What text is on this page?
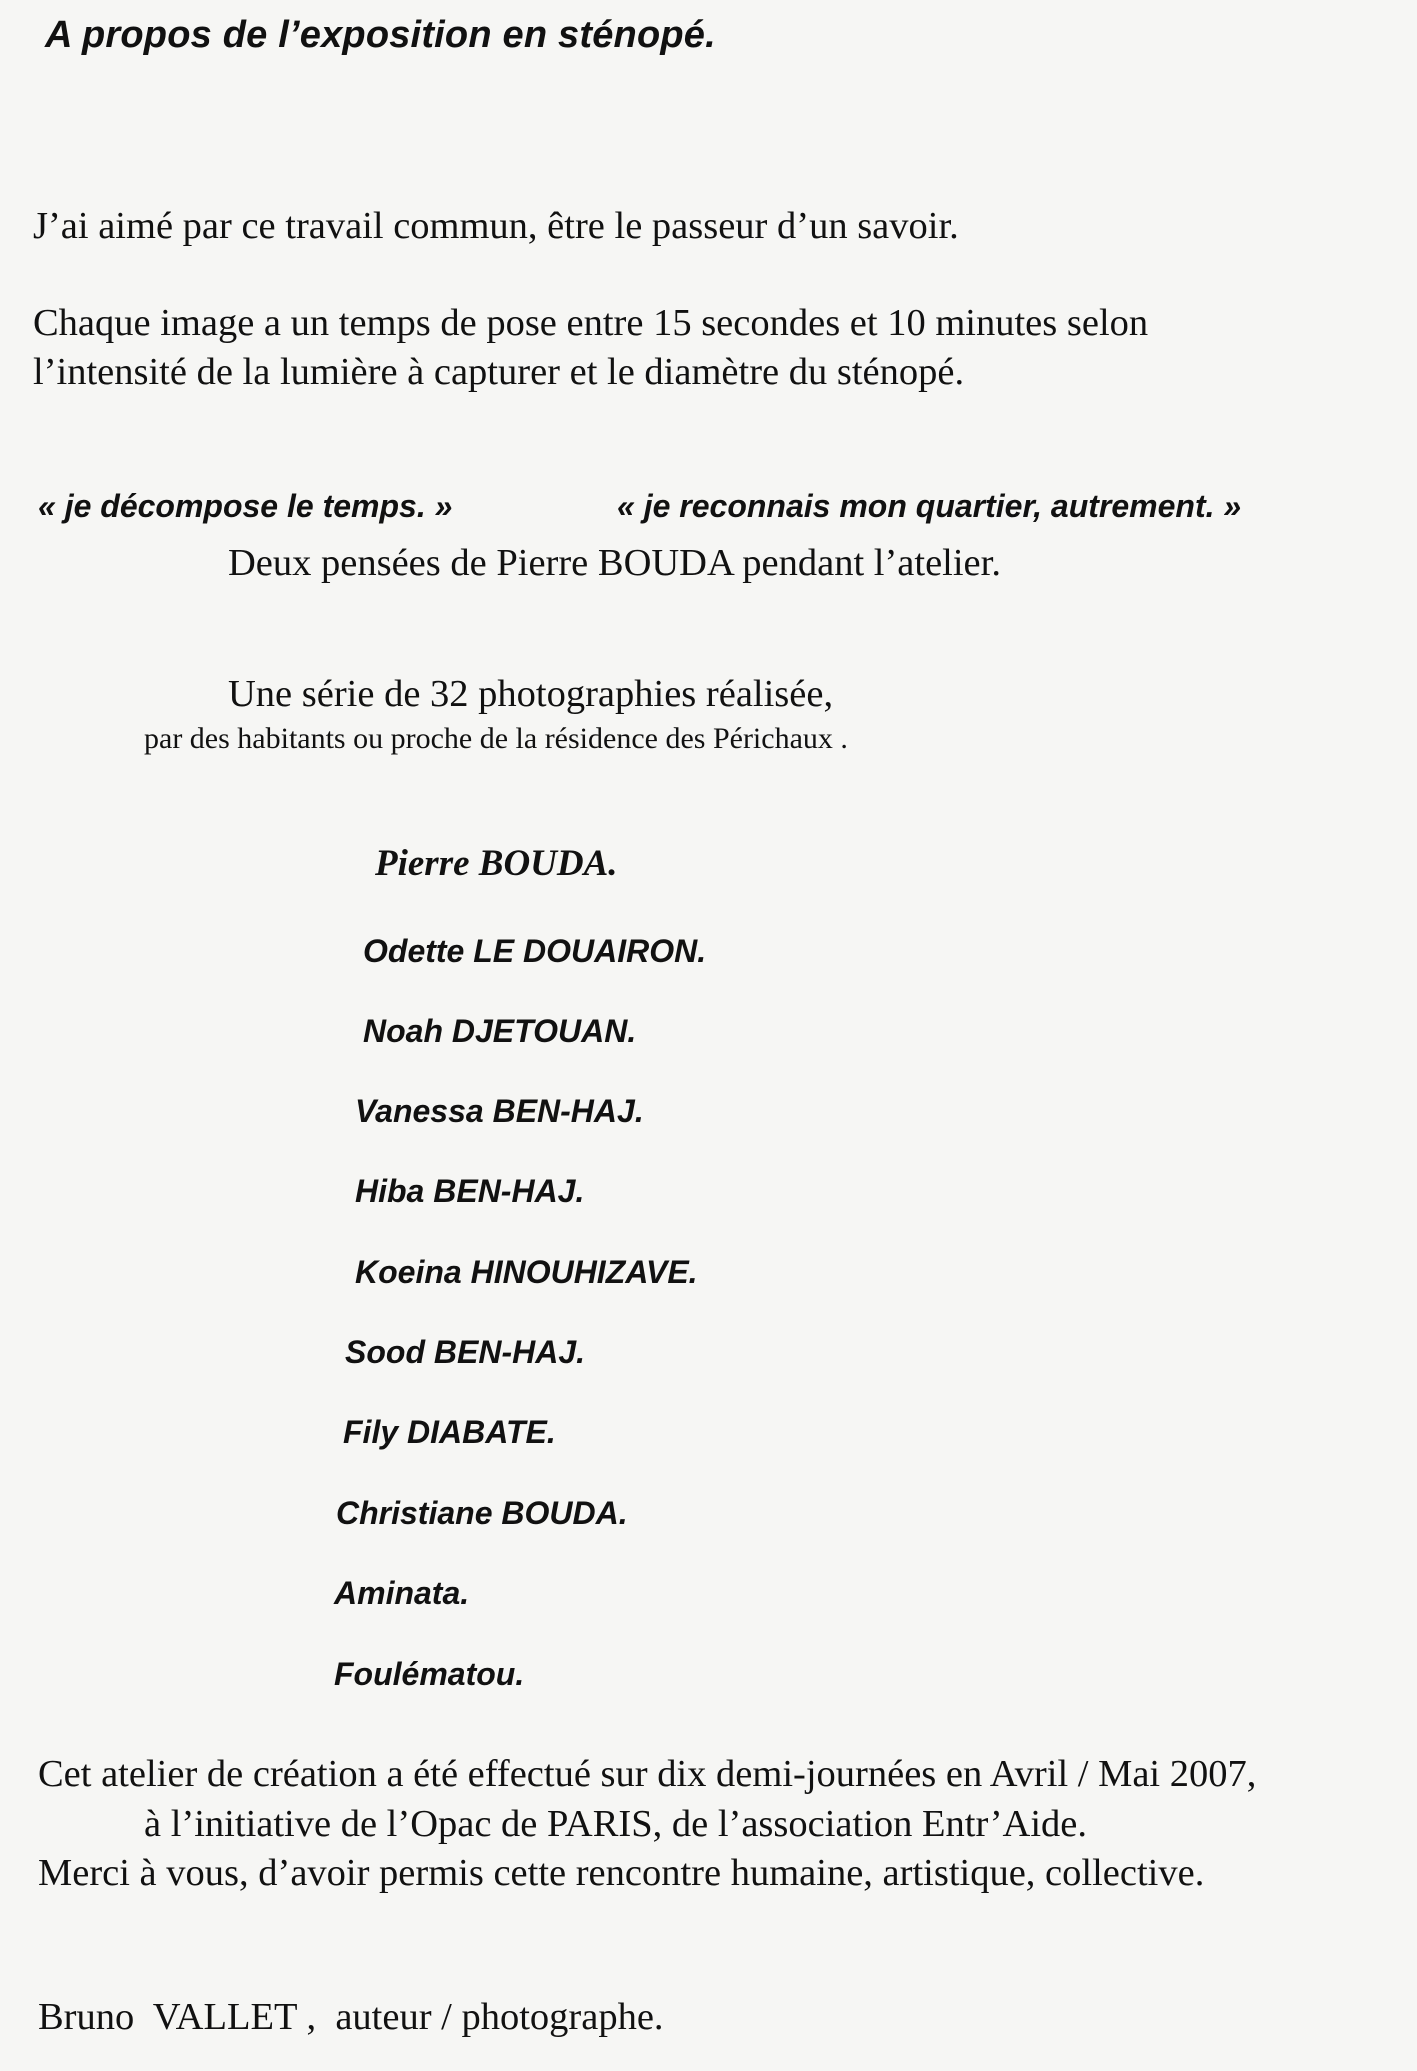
A propos de l’exposition en sténopé.

J’ai aimé par ce travail commun, être le passeur d’un savoir.

Chaque image a un temps de pose entre 15 secondes et 10 minutes selon

l’intensité de la lumière à capturer et le diamètre du sténopé.

« je décompose le temps. »	« je reconnais mon quartier, autrement. »

Deux pensées de Pierre BOUDA pendant l’atelier.

Une série de 32 photographies réalisée,

par des habitants ou proche de la résidence des Périchaux .

Pierre BOUDA.

Odette LE DOUAIRON.

Noah DJETOUAN.

Vanessa BEN-HAJ.

Hiba BEN-HAJ.

Koeina HINOUHIZAVE.

Sood BEN-HAJ.

Fily DIABATE.

Christiane BOUDA.

Aminata.

Foulématou.

Cet atelier de création a été effectué sur dix demi-journées en Avril / Mai 2007,

à l’initiative de l’Opac de PARIS, de l’association Entr’Aide.

Merci à vous, d’avoir permis cette rencontre humaine, artistique, collective.

Bruno  VALLET ,  auteur / photographe.
